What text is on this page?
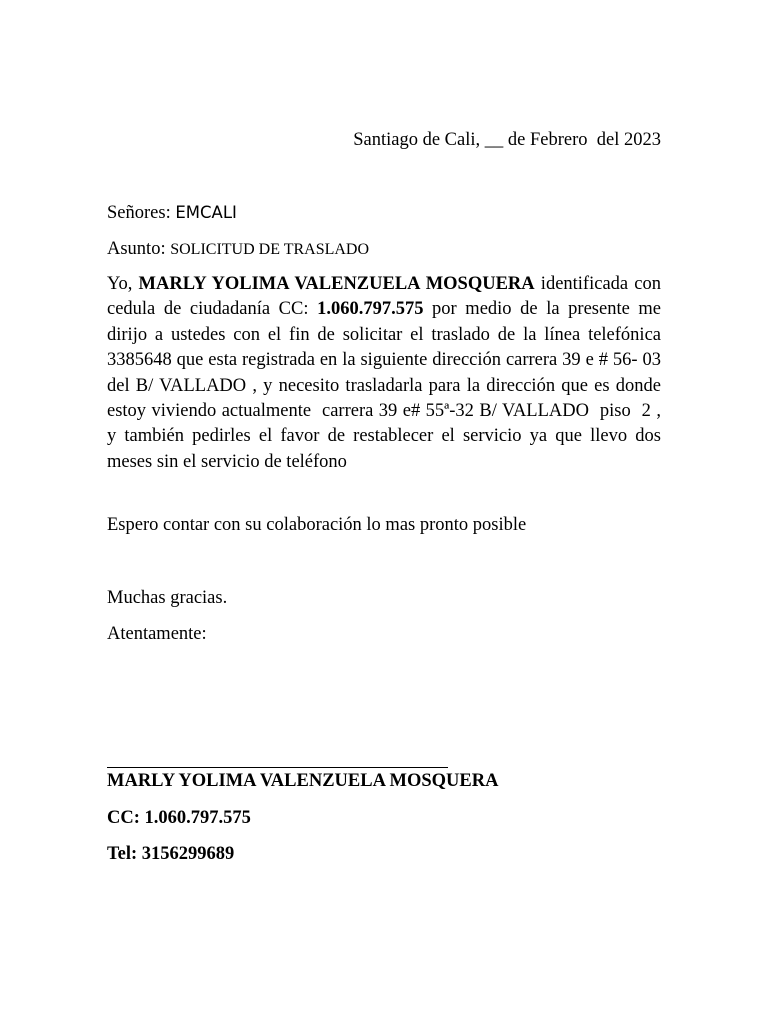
Santiago de Cali, __ de Febrero  del 2023
Señores: EMCALI
Asunto: SOLICITUD DE TRASLADO

Yo, MARLY YOLIMA VALENZUELA MOSQUERA identificada con cedula de ciudadanía CC: 1.060.797.575 por medio de la presente me dirijo a ustedes con el fin de solicitar el traslado de la línea telefónica 3385648 que esta registrada en la siguiente dirección carrera 39 e # 56- 03  del B/ VALLADO , y necesito trasladarla para la dirección que es donde estoy viviendo actualmente  carrera 39 e# 55ª-32 B/ VALLADO  piso  2 , y también pedirles el favor de restablecer el servicio ya que llevo dos meses sin el servicio de teléfono

Espero contar con su colaboración lo mas pronto posible
Muchas gracias.
Atentamente:
MARLY YOLIMA VALENZUELA MOSQUERA
CC: 1.060.797.575
Tel: 3156299689
